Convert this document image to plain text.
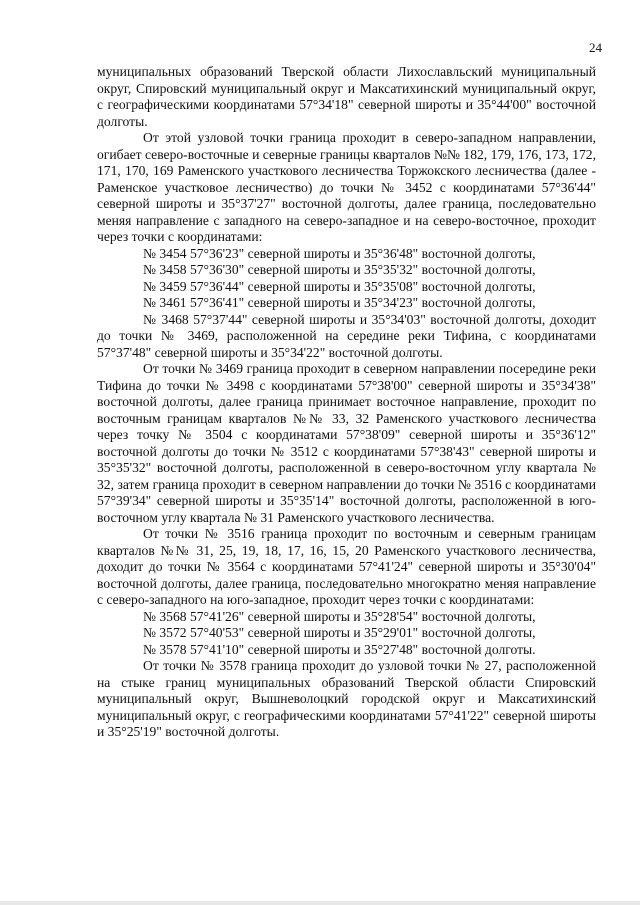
24

муниципальных образований Тверской области Лихославльский муниципальный округ, Спировский муниципальный округ и Максатихинский муниципальный округ, с географическими координатами 57°34'18" северной широты и 35°44'00" восточной долготы.

От этой узловой точки граница проходит в северо-западном направлении, огибает северо-восточные и северные границы кварталов №№ 182, 179, 176, 173, 172, 171, 170, 169 Раменского участкового лесничества Торжокского лесничества (далее - Раменское участковое лесничество) до точки № 3452 с координатами 57°36'44" северной широты и 35°37'27" восточной долготы, далее граница, последовательно меняя направление с западного на северо-западное и на северо-восточное, проходит через точки с координатами:

№ 3454 57°36'23" северной широты и 35°36'48" восточной долготы,

№ 3458 57°36'30" северной широты и 35°35'32" восточной долготы,

№ 3459 57°36'44" северной широты и 35°35'08" восточной долготы,

№ 3461 57°36'41" северной широты и 35°34'23" восточной долготы,

№ 3468 57°37'44" северной широты и 35°34'03" восточной долготы, доходит до точки № 3469, расположенной на середине реки Тифина, с координатами 57°37'48" северной широты и 35°34'22" восточной долготы.

От точки № 3469 граница проходит в северном направлении посередине реки Тифина до точки № 3498 с координатами 57°38'00" северной широты и 35°34'38" восточной долготы, далее граница принимает восточное направление, проходит по восточным границам кварталов №№ 33, 32 Раменского участкового лесничества через точку № 3504 с координатами 57°38'09" северной широты и 35°36'12" восточной долготы до точки № 3512 с координатами 57°38'43" северной широты и 35°35'32" восточной долготы, расположенной в северо-восточном углу квартала № 32, затем граница проходит в северном направлении до точки № 3516 с координатами 57°39'34" северной широты и 35°35'14" восточной долготы, расположенной в юго-восточном углу квартала № 31 Раменского участкового лесничества.

От точки № 3516 граница проходит по восточным и северным границам кварталов №№ 31, 25, 19, 18, 17, 16, 15, 20 Раменского участкового лесничества, доходит до точки № 3564 с координатами 57°41'24" северной широты и 35°30'04" восточной долготы, далее граница, последовательно многократно меняя направление с северо-западного на юго-западное, проходит через точки с координатами:

№ 3568 57°41'26" северной широты и 35°28'54" восточной долготы,

№ 3572 57°40'53" северной широты и 35°29'01" восточной долготы,

№ 3578 57°41'10" северной широты и 35°27'48" восточной долготы.

От точки № 3578 граница проходит до узловой точки № 27, расположенной на стыке границ муниципальных образований Тверской области Спировский муниципальный округ, Вышневолоцкий городской округ и Максатихинский муниципальный округ, с географическими координатами 57°41'22" северной широты и 35°25'19" восточной долготы.
